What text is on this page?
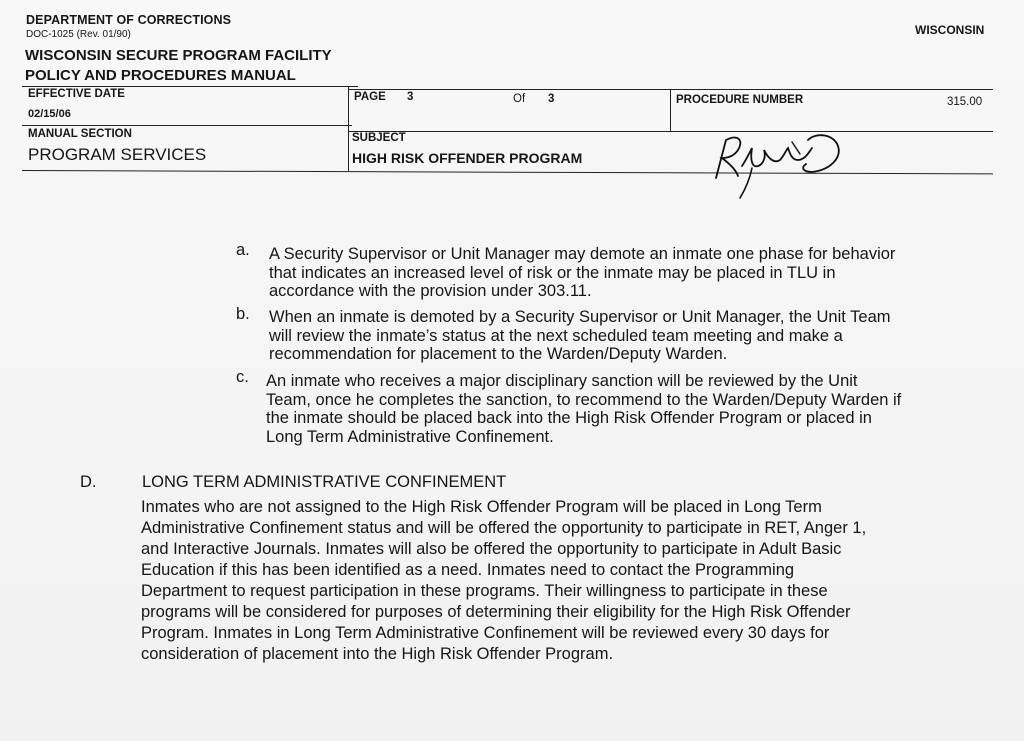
DEPARTMENT OF CORRECTIONS
DOC-1025 (Rev. 01/90)	WISCONSIN
WISCONSIN SECURE PROGRAM FACILITY
POLICY AND PROCEDURES MANUAL
EFFECTIVE DATE
02/15/06
PAGE 3	Of 3	PROCEDURE NUMBER	315.00
MANUAL SECTION
PROGRAM SERVICES
SUBJECT
HIGH RISK OFFENDER PROGRAM
a. A Security Supervisor or Unit Manager may demote an inmate one phase for behavior
that indicates an increased level of risk or the inmate may be placed in TLU in
accordance with the provision under 303.11.
b. When an inmate is demoted by a Security Supervisor or Unit Manager, the Unit Team
will review the inmate’s status at the next scheduled team meeting and make a
recommendation for placement to the Warden/Deputy Warden.
c. An inmate who receives a major disciplinary sanction will be reviewed by the Unit
Team, once he completes the sanction, to recommend to the Warden/Deputy Warden if
the inmate should be placed back into the High Risk Offender Program or placed in
Long Term Administrative Confinement.
D.	LONG TERM ADMINISTRATIVE CONFINEMENT
Inmates who are not assigned to the High Risk Offender Program will be placed in Long Term
Administrative Confinement status and will be offered the opportunity to participate in RET, Anger 1,
and Interactive Journals. Inmates will also be offered the opportunity to participate in Adult Basic
Education if this has been identified as a need. Inmates need to contact the Programming
Department to request participation in these programs. Their willingness to participate in these
programs will be considered for purposes of determining their eligibility for the High Risk Offender
Program. Inmates in Long Term Administrative Confinement will be reviewed every 30 days for
consideration of placement into the High Risk Offender Program.
